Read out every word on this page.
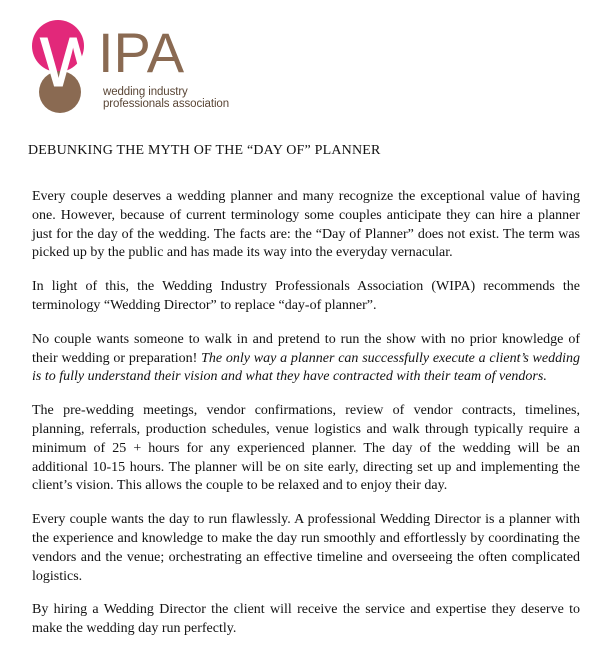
W
IPA
wedding industry
professionals association
DEBUNKING THE MYTH OF THE “DAY OF” PLANNER

Every couple deserves a wedding planner and many recognize the exceptional value of having one. However, because of current terminology some couples anticipate they can hire a planner just for the day of the wedding. The facts are: the “Day of Planner” does not exist. The term was picked up by the public and has made its way into the everyday vernacular.

In light of this, the Wedding Industry Professionals Association (WIPA) recommends the terminology “Wedding Director” to replace “day-of planner”.

No couple wants someone to walk in and pretend to run the show with no prior knowledge of their wedding or preparation! The only way a planner can successfully execute a client’s wedding is to fully understand their vision and what they have contracted with their team of vendors.

The pre-wedding meetings, vendor confirmations, review of vendor contracts, timelines, planning, referrals, production schedules, venue logistics and walk through typically require a minimum of 25 + hours for any experienced planner. The day of the wedding will be an additional 10-15 hours. The planner will be on site early, directing set up and implementing the client’s vision. This allows the couple to be relaxed and to enjoy their day.

Every couple wants the day to run flawlessly. A professional Wedding Director is a planner with the experience and knowledge to make the day run smoothly and effortlessly by coordinating the vendors and the venue; orchestrating an effective timeline and overseeing the often complicated logistics.

By hiring a Wedding Director the client will receive the service and expertise they deserve to make the wedding day run perfectly.
